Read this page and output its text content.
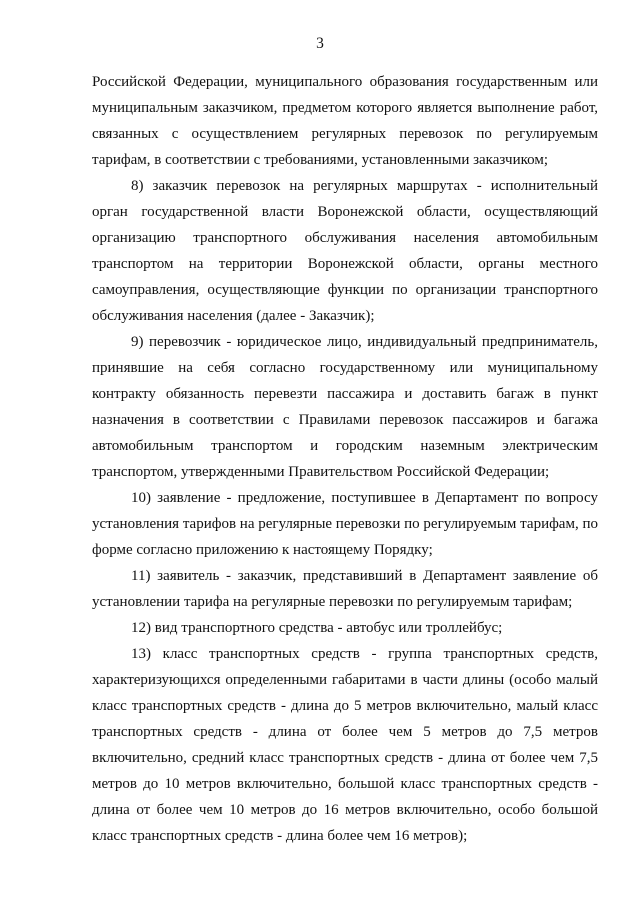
3
Российской Федерации, муниципального образования государственным или
муниципальным заказчиком, предметом которого является выполнение работ,
связанных с осуществлением регулярных перевозок по регулируемым
тарифам, в соответствии с требованиями, установленными заказчиком;
8) заказчик перевозок на регулярных маршрутах - исполнительный
орган государственной власти Воронежской области, осуществляющий
организацию транспортного обслуживания населения автомобильным
транспортом на территории Воронежской области, органы местного
самоуправления, осуществляющие функции по организации транспортного
обслуживания населения (далее - Заказчик);
9) перевозчик - юридическое лицо, индивидуальный предприниматель,
принявшие на себя согласно государственному или муниципальному
контракту обязанность перевезти пассажира и доставить багаж в пункт
назначения в соответствии с Правилами перевозок пассажиров и багажа
автомобильным транспортом и городским наземным электрическим
транспортом, утвержденными Правительством Российской Федерации;
10) заявление - предложение, поступившее в Департамент по вопросу
установления тарифов на регулярные перевозки по регулируемым тарифам, по
форме согласно приложению к настоящему Порядку;
11) заявитель - заказчик, представивший в Департамент заявление об
установлении тарифа на регулярные перевозки по регулируемым тарифам;
12) вид транспортного средства - автобус или троллейбус;
13) класс транспортных средств - группа транспортных средств,
характеризующихся определенными габаритами в части длины (особо малый
класс транспортных средств - длина до 5 метров включительно, малый класс
транспортных средств - длина от более чем 5 метров до 7,5 метров
включительно, средний класс транспортных средств - длина от более чем 7,5
метров до 10 метров включительно, большой класс транспортных средств -
длина от более чем 10 метров до 16 метров включительно, особо большой
класс транспортных средств - длина более чем 16 метров);
